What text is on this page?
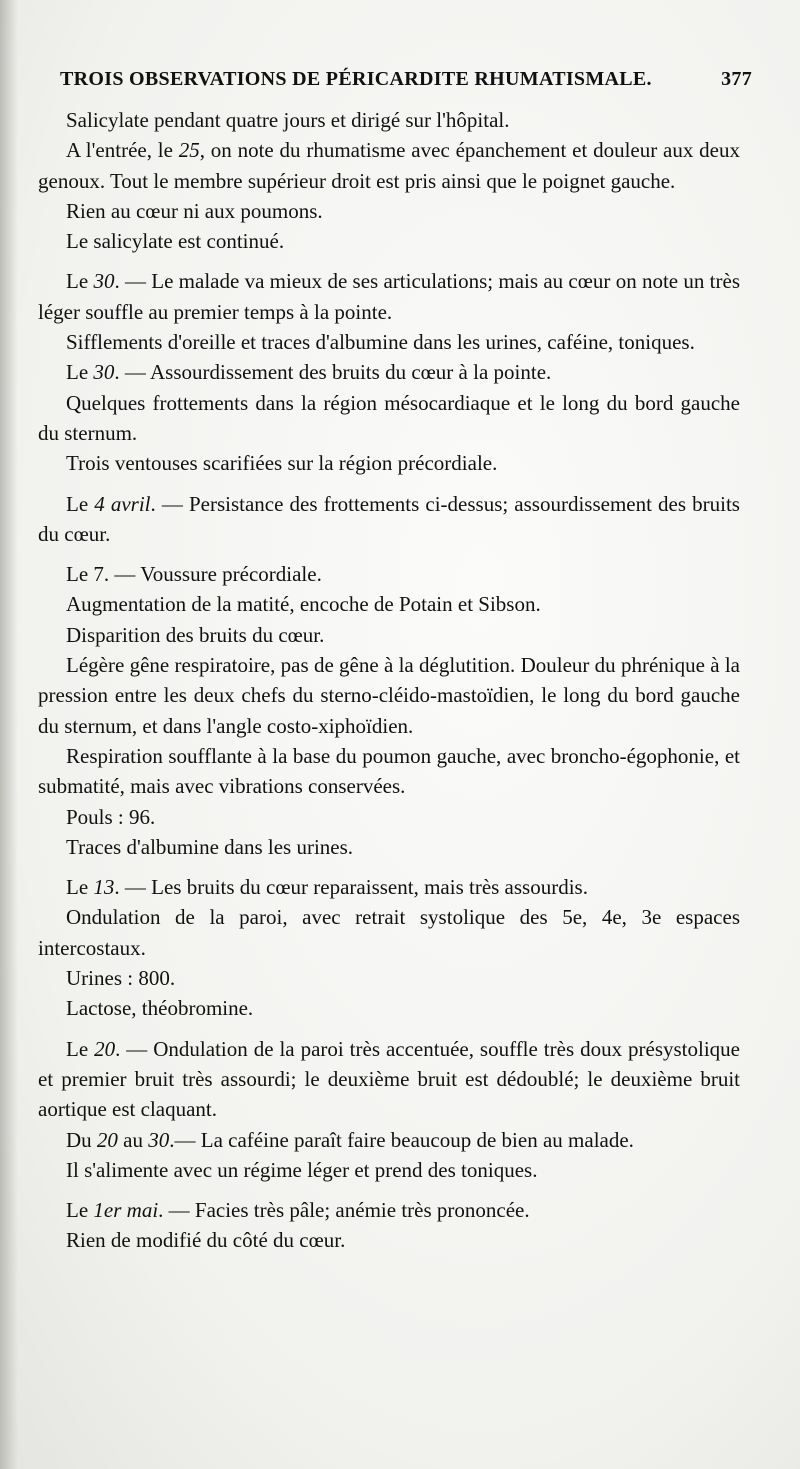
TROIS OBSERVATIONS DE PÉRICARDITE RHUMATISMALE.	377

Salicylate pendant quatre jours et dirigé sur l'hôpital.

A l'entrée, le 25, on note du rhumatisme avec épanchement et douleur aux deux genoux. Tout le membre supérieur droit est pris ainsi que le poignet gauche.

Rien au cœur ni aux poumons.

Le salicylate est continué.

Le 30. — Le malade va mieux de ses articulations; mais au cœur on note un très léger souffle au premier temps à la pointe.

Sifflements d'oreille et traces d'albumine dans les urines, caféine, toniques.

Le 30. — Assourdissement des bruits du cœur à la pointe.

Quelques frottements dans la région mésocardiaque et le long du bord gauche du sternum.

Trois ventouses scarifiées sur la région précordiale.

Le 4 avril. — Persistance des frottements ci-dessus; assourdissement des bruits du cœur.

Le 7. — Voussure précordiale.

Augmentation de la matité, encoche de Potain et Sibson.

Disparition des bruits du cœur.

Légère gêne respiratoire, pas de gêne à la déglutition. Douleur du phrénique à la pression entre les deux chefs du sterno-cléido-mastoïdien, le long du bord gauche du sternum, et dans l'angle costo-xiphoïdien.

Respiration soufflante à la base du poumon gauche, avec broncho-égophonie, et submatité, mais avec vibrations conservées.

Pouls : 96.

Traces d'albumine dans les urines.

Le 13. — Les bruits du cœur reparaissent, mais très assourdis.

Ondulation de la paroi, avec retrait systolique des 5e, 4e, 3e espaces intercostaux.

Urines : 800.

Lactose, théobromine.

Le 20. — Ondulation de la paroi très accentuée, souffle très doux présystolique et premier bruit très assourdi; le deuxième bruit est dédoublé; le deuxième bruit aortique est claquant.

Du 20 au 30.— La caféine paraît faire beaucoup de bien au malade.

Il s'alimente avec un régime léger et prend des toniques.

Le 1er mai. — Facies très pâle; anémie très prononcée.

Rien de modifié du côté du cœur.
